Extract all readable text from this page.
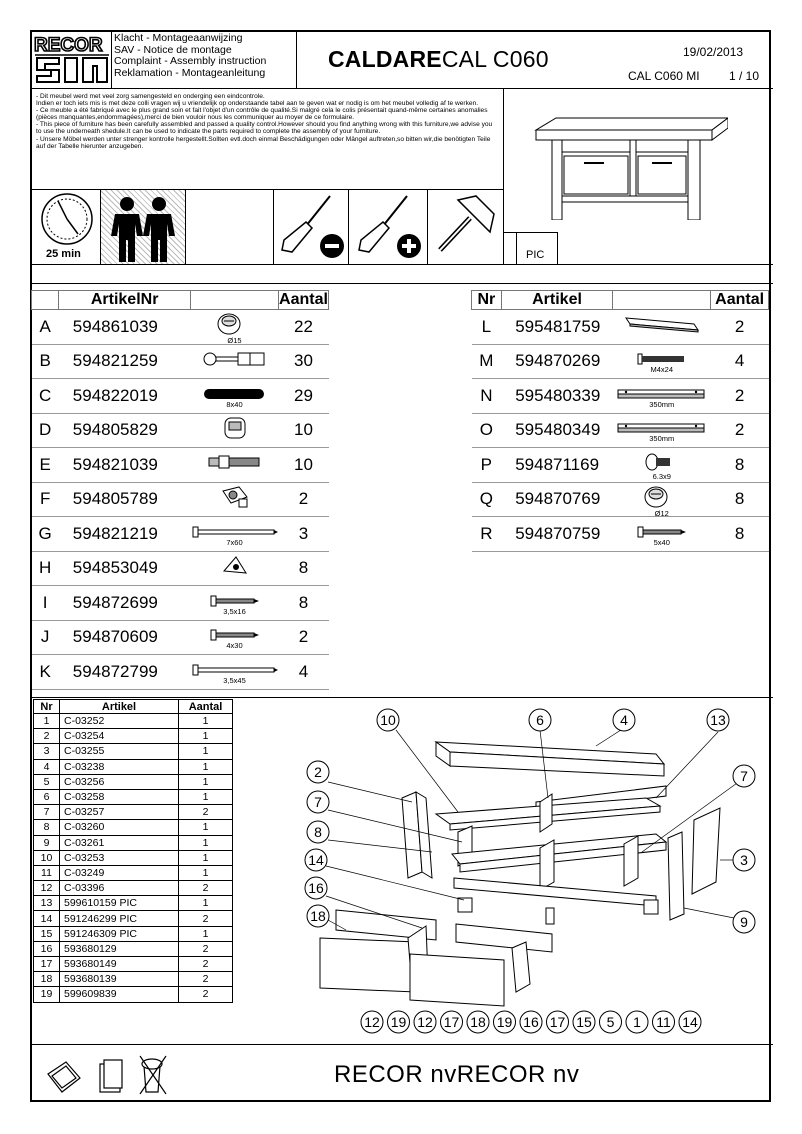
RECOR Klacht - Montageaanwijzing
SAV - Notice de montage
Complaint - Assembly instruction
Reklamation - Montageanleitung
CALDARECAL C060	19/02/2013
CAL C060 MI 1 / 10
- Dit meubel werd met veel zorg samengesteld en onderging een eindcontrole.
Indien er toch iets mis is met deze colli vragen wij u vriendelijk op onderstaande tabel aan te geven wat er nodig is om het meubel volledig af te werken.
- Ce meuble a été fabriqué avec le plus grand soin et fait l'objet d'un contrôle de qualité.Si malgré cela le colis présentait quand-même certaines anomalies (pièces manquantes,endommagées),merci de bien vouloir nous les communiquer au moyer de ce formulaire.
- This piece of furniture has been carefully assembled and passed a quality control.However should you find anything wrong with this furniture,we advise you to use the underneath shedule.It can be used to indicate the parts required to complete the assembly of your furniture.
- Unsere Möbel werden unter strenger kontrolle hergestellt.Sollten evtl.doch einmal Beschädigungen oder Mängel auftreten,so bitten wir,die benötigten Teile auf der Tabelle hierunter anzugeben.
25 min	PIC
	ArtikelNr		Aantal
A	594861039	Ø15	22
B	594821259		30
C	594822019	8x40	29
D	594805829		10
E	594821039		10
F	594805789		2
G	594821219	7x60	3
H	594853049		8
I	594872699	3,5x16	8
J	594870609	4x30	2
K	594872799	3,5x45	4
Nr	Artikel		Aantal
L	595481759		2
M	594870269	M4x24	4
N	595480339	350mm	2
O	595480349	350mm	2
P	594871169	6.3x9	8
Q	594870769	Ø12	8
R	594870759	5x40	8
Nr	Artikel	Aantal
1	C-03252	1
2	C-03254	1
3	C-03255	1
4	C-03238	1
5	C-03256	1
6	C-03258	1
7	C-03257	2
8	C-03260	1
9	C-03261	1
10	C-03253	1
11	C-03249	1
12	C-03396	2
13	599610159 PIC	1
14	591246299 PIC	2
15	591246309 PIC	1
16	593680129	2
17	593680149	2
18	593680139	2
19	599609839	2
10	6	4	13
2
7
7
8
14	3
16
9
18
12 19 12 17 18 19 16 17 15 5 1 11 14
RECOR nvRECOR nv
